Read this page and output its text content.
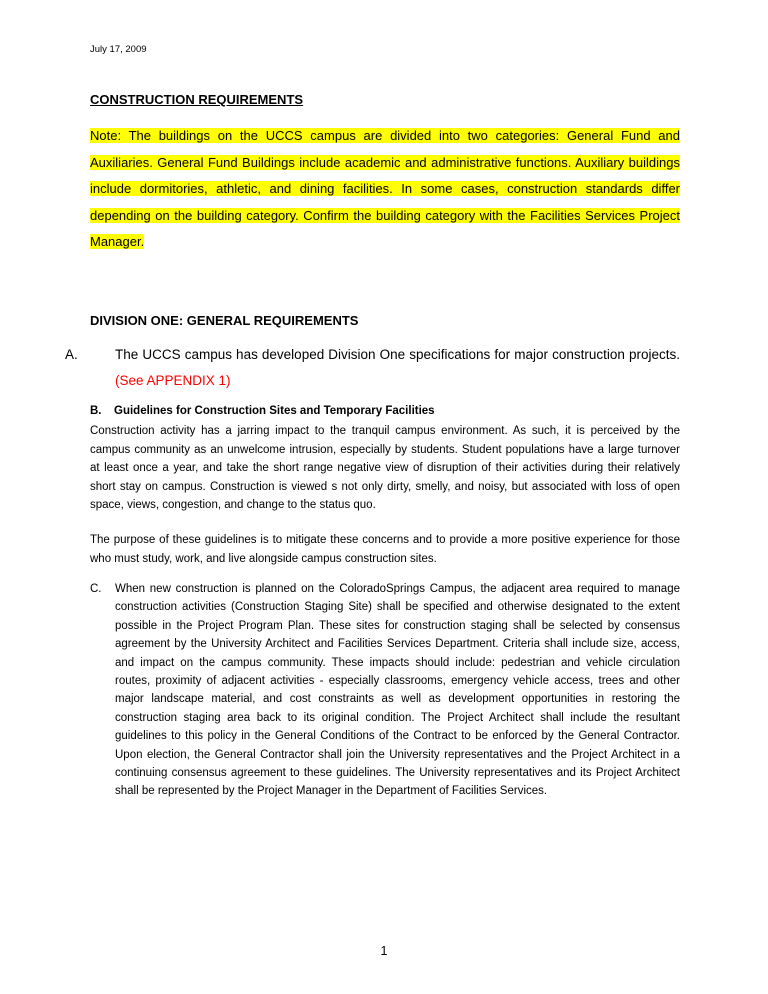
July 17, 2009
CONSTRUCTION REQUIREMENTS
Note: The buildings on the UCCS campus are divided into two categories: General Fund and Auxiliaries. General Fund Buildings include academic and administrative functions. Auxiliary buildings include dormitories, athletic, and dining facilities. In some cases, construction standards differ depending on the building category. Confirm the building category with the Facilities Services Project Manager.
DIVISION ONE: GENERAL REQUIREMENTS
A.	The UCCS campus has developed Division One specifications for major construction projects. (See APPENDIX 1)
B. Guidelines for Construction Sites and Temporary Facilities
Construction activity has a jarring impact to the tranquil campus environment. As such, it is perceived by the campus community as an unwelcome intrusion, especially by students. Student populations have a large turnover at least once a year, and take the short range negative view of disruption of their activities during their relatively short stay on campus. Construction is viewed s not only dirty, smelly, and noisy, but associated with loss of open space, views, congestion, and change to the status quo.
The purpose of these guidelines is to mitigate these concerns and to provide a more positive experience for those who must study, work, and live alongside campus construction sites.
C.	When new construction is planned on the ColoradoSprings Campus, the adjacent area required to manage construction activities (Construction Staging Site) shall be specified and otherwise designated to the extent possible in the Project Program Plan. These sites for construction staging shall be selected by consensus agreement by the University Architect and Facilities Services Department. Criteria shall include size, access, and impact on the campus community. These impacts should include: pedestrian and vehicle circulation routes, proximity of adjacent activities - especially classrooms, emergency vehicle access, trees and other major landscape material, and cost constraints as well as development opportunities in restoring the construction staging area back to its original condition. The Project Architect shall include the resultant guidelines to this policy in the General Conditions of the Contract to be enforced by the General Contractor. Upon election, the General Contractor shall join the University representatives and the Project Architect in a continuing consensus agreement to these guidelines. The University representatives and its Project Architect shall be represented by the Project Manager in the Department of Facilities Services.
1
